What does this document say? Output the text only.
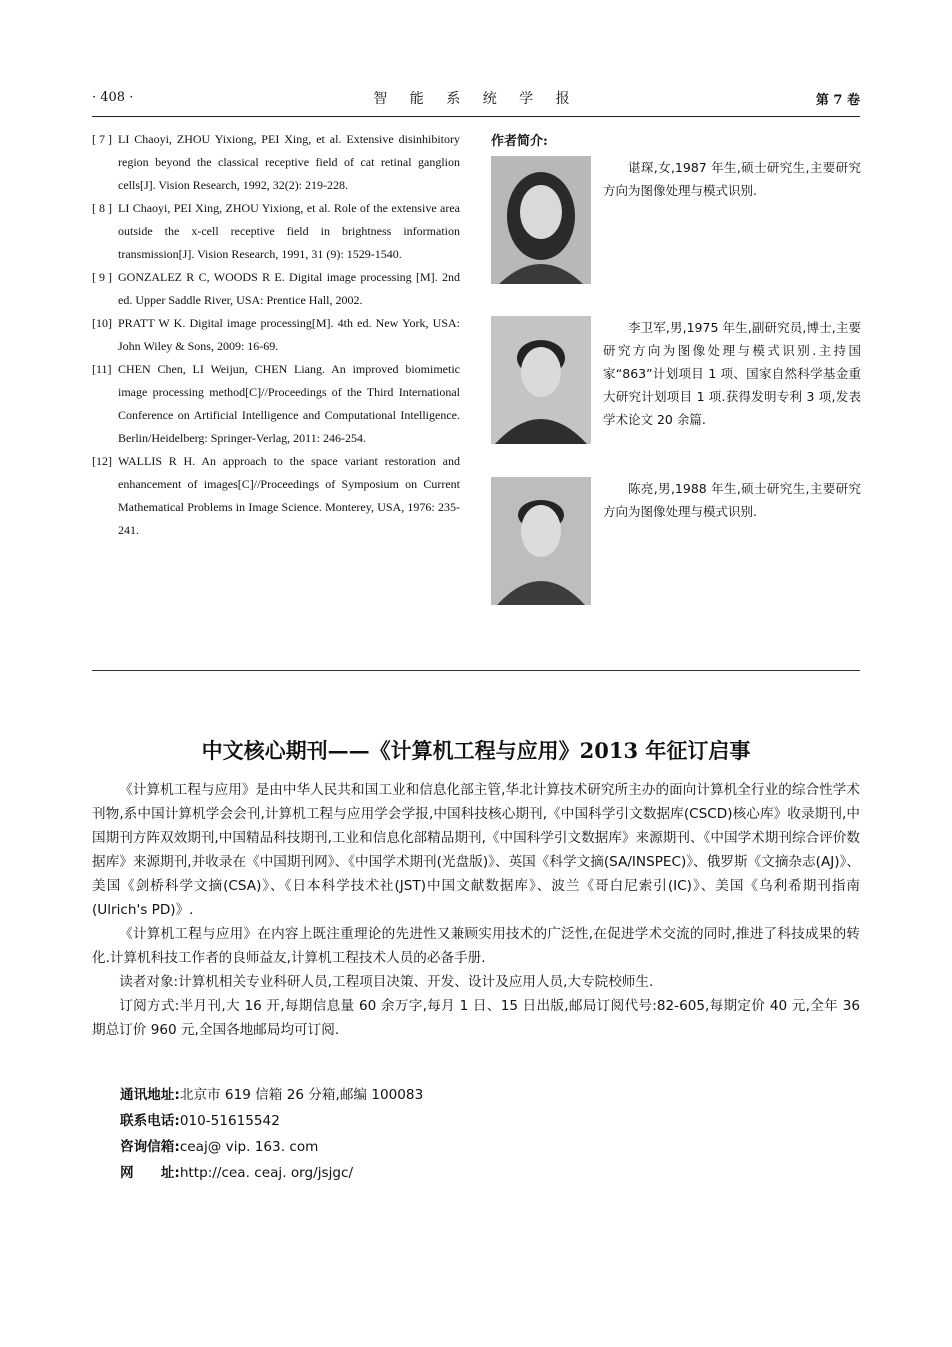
· 408 ·	智 能 系 统 学 报	第 7 卷
[ 7 ] LI Chaoyi, ZHOU Yixiong, PEI Xing, et al. Extensive disinhibitory region beyond the classical receptive field of cat retinal ganglion cells[J]. Vision Research, 1992, 32(2): 219-228.
[ 8 ] LI Chaoyi, PEI Xing, ZHOU Yixiong, et al. Role of the extensive area outside the x-cell receptive field in brightness information transmission[J]. Vision Research, 1991, 31 (9): 1529-1540.
[ 9 ] GONZALEZ R C, WOODS R E. Digital image processing [M]. 2nd ed. Upper Saddle River, USA: Prentice Hall, 2002.
[10] PRATT W K. Digital image processing[M]. 4th ed. New York, USA: John Wiley & Sons, 2009: 16-69.
[11] CHEN Chen, LI Weijun, CHEN Liang. An improved biomimetic image processing method[C]//Proceedings of the Third International Conference on Artificial Intelligence and Computational Intelligence. Berlin/Heidelberg: Springer-Verlag, 2011: 246-254.
[12] WALLIS R H. An approach to the space variant restoration and enhancement of images[C]//Proceedings of Symposium on Current Mathematical Problems in Image Science. Monterey, USA, 1976: 235-241.
作者简介:
谌琛,女,1987 年生,硕士研究生,主要研究方向为图像处理与模式识别.
李卫军,男,1975 年生,副研究员,博士,主要研究方向为图像处理与模式识别.主持国家“863”计划项目 1 项、国家自然科学基金重大研究计划项目 1 项.获得发明专利 3 项,发表学术论文 20 余篇.
陈亮,男,1988 年生,硕士研究生,主要研究方向为图像处理与模式识别.
中文核心期刊——《计算机工程与应用》2013 年征订启事

《计算机工程与应用》是由中华人民共和国工业和信息化部主管,华北计算技术研究所主办的面向计算机全行业的综合性学术刊物,系中国计算机学会会刊,计算机工程与应用学会学报,中国科技核心期刊,《中国科学引文数据库(CSCD)核心库》收录期刊,中国期刊方阵双效期刊,中国精品科技期刊,工业和信息化部精品期刊,《中国科学引文数据库》来源期刊、《中国学术期刊综合评价数据库》来源期刊,并收录在《中国期刊网》、《中国学术期刊(光盘版)》、英国《科学文摘(SA/INSPEC)》、俄罗斯《文摘杂志(AJ)》、美国《剑桥科学文摘(CSA)》、《日本科学技术社(JST)中国文献数据库》、波兰《哥白尼索引(IC)》、美国《乌利希期刊指南(Ulrich's PD)》.

《计算机工程与应用》在内容上既注重理论的先进性又兼顾实用技术的广泛性,在促进学术交流的同时,推进了科技成果的转化.计算机科技工作者的良师益友,计算机工程技术人员的必备手册.

读者对象:计算机相关专业科研人员,工程项目决策、开发、设计及应用人员,大专院校师生.

订阅方式:半月刊,大 16 开,每期信息量 60 余万字,每月 1 日、15 日出版,邮局订阅代号:82-605,每期定价 40 元,全年 36 期总订价 960 元,全国各地邮局均可订阅.

通讯地址:北京市 619 信箱 26 分箱,邮编 100083
联系电话:010-51615542
咨询信箱:ceaj@ vip. 163. com
网　　址:http://cea. ceaj. org/jsjgc/
